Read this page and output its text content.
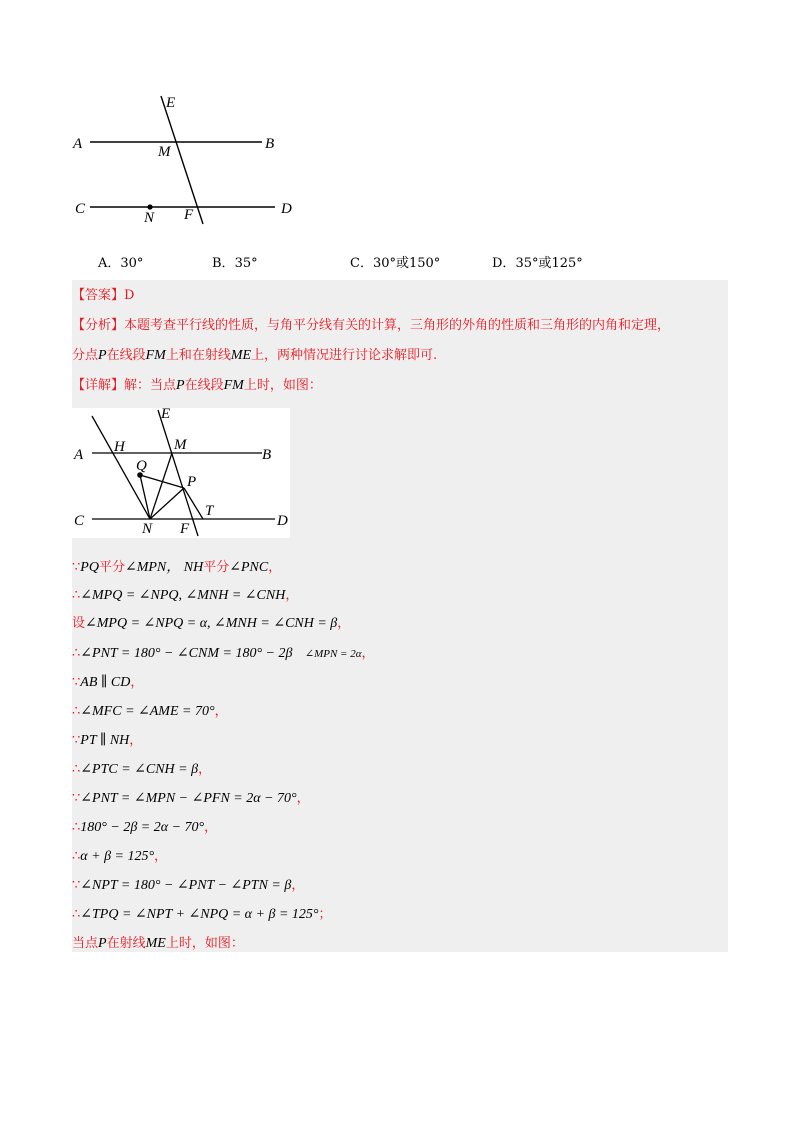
E
A	M	B
C
N F	D
A．30°	B．35°	C．30°或150°	D．35°或125°
【答案】D
【分析】本题考查平行线的性质，与角平分线有关的计算，三角形的外角的性质和三角形的内角和定理，
分点P在线段FM上和在射线ME上，两种情况进行讨论求解即可.
【详解】解：当点P在线段FM上时，如图：
E
A H	M
B
Q
P
T
C	N F	D
∵PQ平分∠MPN， NH平分∠PNC，
∴∠MPQ = ∠NPQ, ∠MNH = ∠CNH，
设∠MPQ = ∠NPQ = α, ∠MNH = ∠CNH = β，
∴∠PNT = 180° − ∠CNM = 180° − 2β ∠MPN = 2α，
∵AB ∥ CD，
∴∠MFC = ∠AME = 70°，
∵PT ∥ NH，
∴∠PTC = ∠CNH = β，
∵∠PNT = ∠MPN − ∠PFN = 2α − 70°，
∴180° − 2β = 2α − 70°，
∴α + β = 125°，
∵∠NPT = 180° − ∠PNT − ∠PTN = β，
∴∠TPQ = ∠NPT + ∠NPQ = α + β = 125°；
当点P在射线ME上时，如图：
